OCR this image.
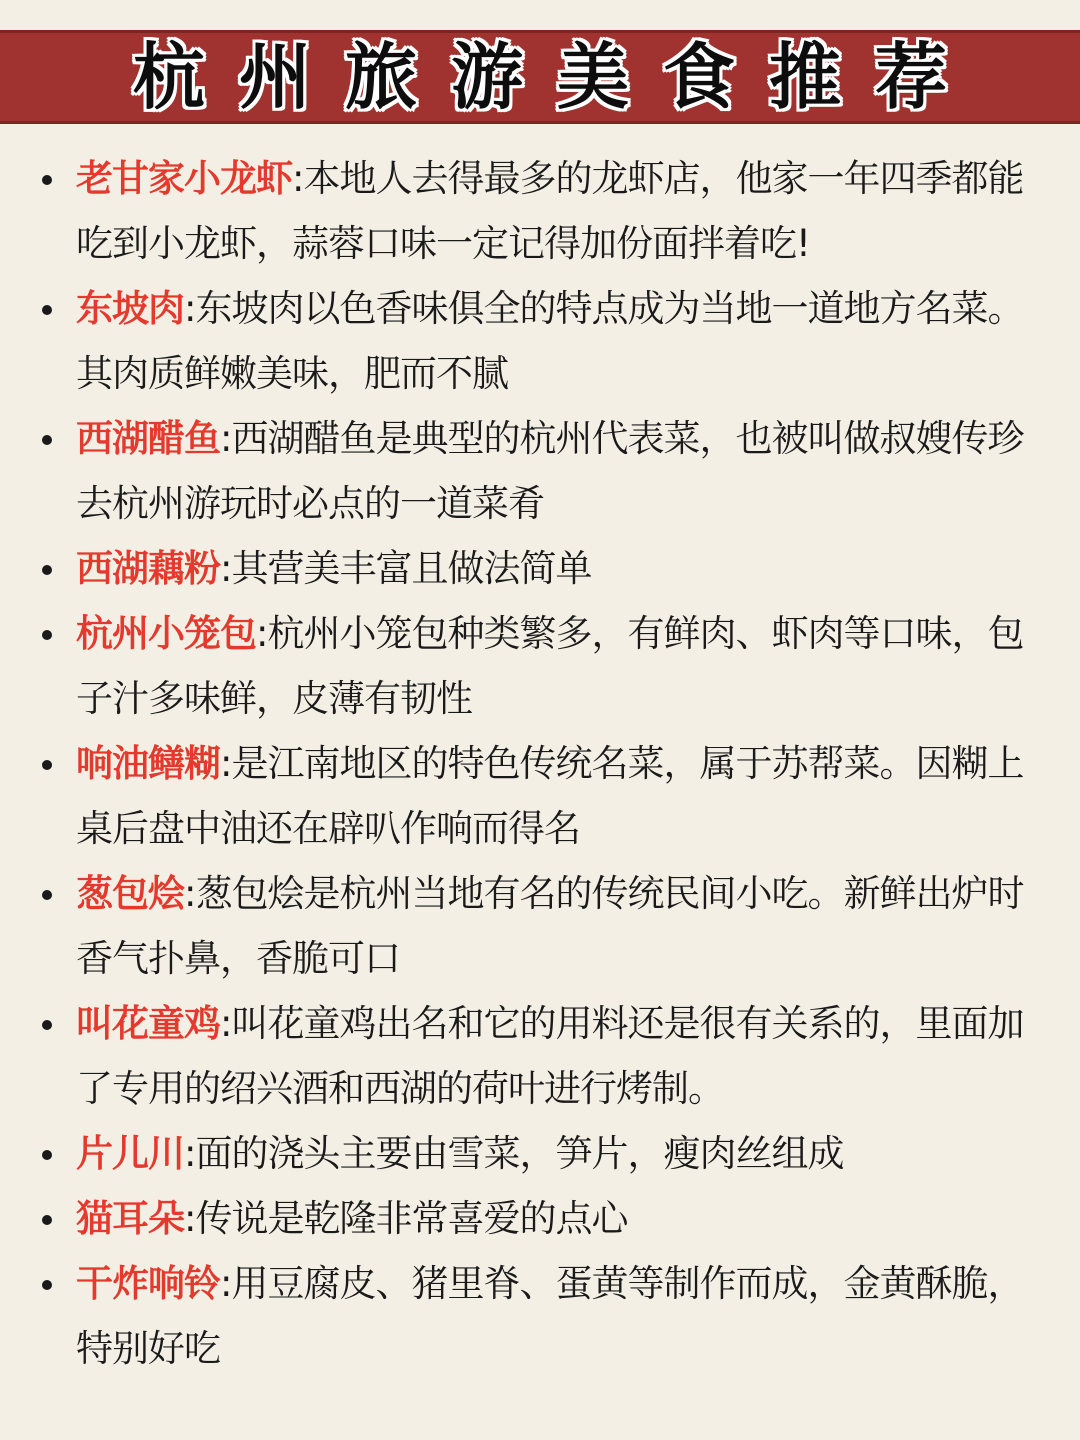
杭州旅游美食推荐
老甘家小龙虾:本地人去得最多的龙虾店，他家一年四季都能吃到小龙虾，蒜蓉口味一定记得加份面拌着吃!
东坡肉:东坡肉以色香味俱全的特点成为当地一道地方名菜。其肉质鲜嫩美味，肥而不腻
西湖醋鱼:西湖醋鱼是典型的杭州代表菜，也被叫做叔嫂传珍去杭州游玩时必点的一道菜肴
西湖藕粉:其营美丰富且做法简单
杭州小笼包:杭州小笼包种类繁多，有鲜肉、虾肉等口味，包子汁多味鲜，皮薄有韧性
响油鳝糊:是江南地区的特色传统名菜，属于苏帮菜。因糊上桌后盘中油还在辟叭作响而得名
葱包烩:葱包烩是杭州当地有名的传统民间小吃。新鲜出炉时香气扑鼻，香脆可口
叫花童鸡:叫花童鸡出名和它的用料还是很有关系的，里面加了专用的绍兴酒和西湖的荷叶进行烤制。
片儿川:面的浇头主要由雪菜，笋片，瘦肉丝组成
猫耳朵:传说是乾隆非常喜爱的点心
干炸响铃:用豆腐皮、猪里脊、蛋黄等制作而成，金黄酥脆，特别好吃
